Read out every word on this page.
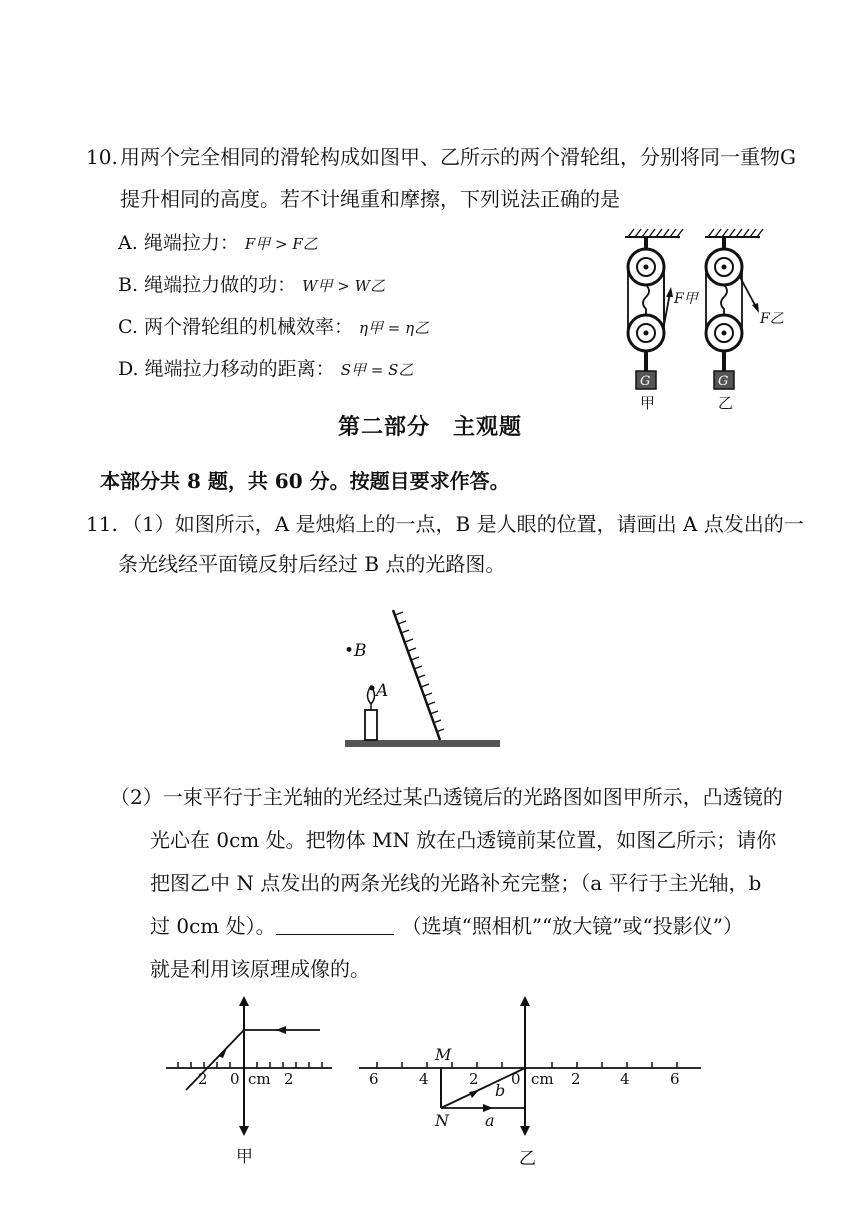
10. 用两个完全相同的滑轮构成如图甲、乙所示的两个滑轮组，分别将同一重物G
提升相同的高度。若不计绳重和摩擦，下列说法正确的是
A. 绳端拉力： F甲 > F乙
B. 绳端拉力做的功： W甲 > W乙
C. 两个滑轮组的机械效率： η甲 = η乙
D. 绳端拉力移动的距离： S甲 = S乙
F甲
G
甲
F乙
G
乙
第二部分　主观题
本部分共 8 题，共 60 分。按题目要求作答。
11. （1）如图所示，A 是烛焰上的一点，B 是人眼的位置，请画出 A 点发出的一
条光线经平面镜反射后经过 B 点的光路图。
A
•B
（2）一束平行于主光轴的光经过某凸透镜后的光路图如图甲所示，凸透镜的
光心在 0cm 处。把物体 MN 放在凸透镜前某位置，如图乙所示；请你
把图乙中 N 点发出的两条光线的光路补充完整；（a 平行于主光轴，b
过 0cm 处）。	（选填“照相机”“放大镜”或“投影仪”）
就是利用该原理成像的。
2 0 cm 2
甲
6	4	2 0 cm 2	4	6
M
N a
b
乙
